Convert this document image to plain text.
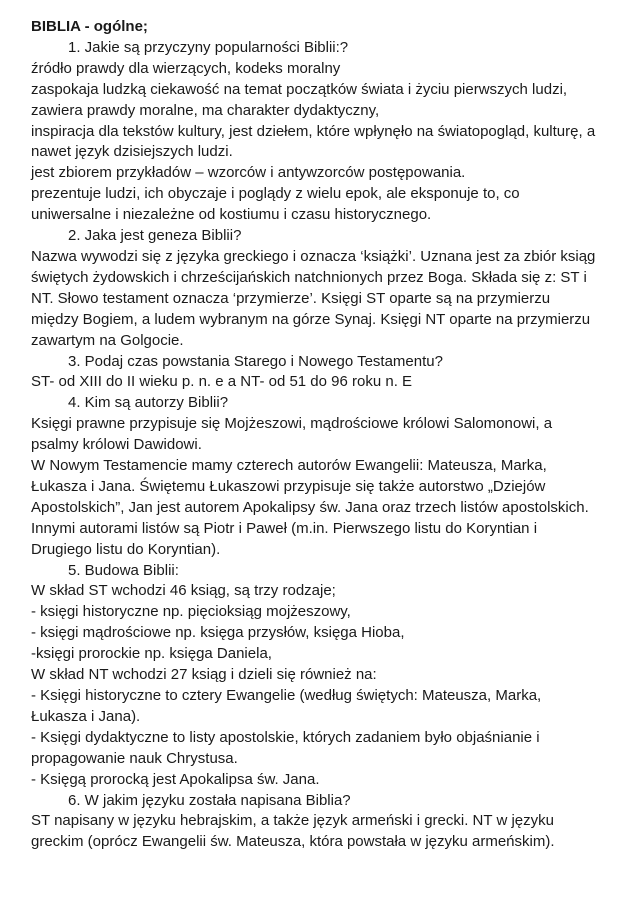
BIBLIA - ogólne;
1. Jakie są przyczyny popularności Biblii:?
źródło prawdy dla wierzących, kodeks moralny
zaspokaja ludzką ciekawość na temat początków świata i życiu pierwszych ludzi,
zawiera prawdy moralne, ma charakter dydaktyczny,
inspiracja dla tekstów kultury, jest dziełem, które wpłynęło na światopogląd, kulturę, a
nawet język dzisiejszych ludzi.
jest zbiorem przykładów – wzorców i antywzorców postępowania.
prezentuje ludzi, ich obyczaje i poglądy z wielu epok, ale eksponuje to, co
uniwersalne i niezależne od kostiumu i czasu historycznego.
2. Jaka jest geneza Biblii?
Nazwa wywodzi się z języka greckiego i oznacza ‘książki’. Uznana jest za zbiór ksiąg
świętych żydowskich i chrześcijańskich natchnionych przez Boga. Składa się z: ST i
NT. Słowo testament oznacza ‘przymierze’. Księgi ST oparte są na przymierzu
między Bogiem, a ludem wybranym na górze Synaj. Księgi NT oparte na przymierzu
zawartym na Golgocie.
3. Podaj czas powstania Starego i Nowego Testamentu?
ST- od XIII do II wieku p. n. e a NT- od 51 do 96 roku n. E
4. Kim są autorzy Biblii?
Księgi prawne przypisuje się Mojżeszowi, mądrościowe królowi Salomonowi, a
psalmy królowi Dawidowi.
W Nowym Testamencie mamy czterech autorów Ewangelii: Mateusza, Marka,
Łukasza i Jana. Świętemu Łukaszowi przypisuje się także autorstwo „Dziejów
Apostolskich”, Jan jest autorem Apokalipsy św. Jana oraz trzech listów apostolskich.
Innymi autorami listów są Piotr i Paweł (m.in. Pierwszego listu do Koryntian i
Drugiego listu do Koryntian).
5. Budowa Biblii:
W skład ST wchodzi 46 ksiąg, są trzy rodzaje;
- księgi historyczne np. pięcioksiąg mojżeszowy,
- księgi mądrościowe np. księga przysłów, księga Hioba,
-księgi prorockie np. księga Daniela,
W skład NT wchodzi 27 ksiąg i dzieli się również na:
- Księgi historyczne to cztery Ewangelie (według świętych: Mateusza, Marka,
Łukasza i Jana).
- Księgi dydaktyczne to listy apostolskie, których zadaniem było objaśnianie i
propagowanie nauk Chrystusa.
- Księgą prorocką jest Apokalipsa św. Jana.
6. W jakim języku została napisana Biblia?
ST napisany w języku hebrajskim, a także język armeński i grecki. NT w języku
greckim (oprócz Ewangelii św. Mateusza, która powstała w języku armeńskim).
